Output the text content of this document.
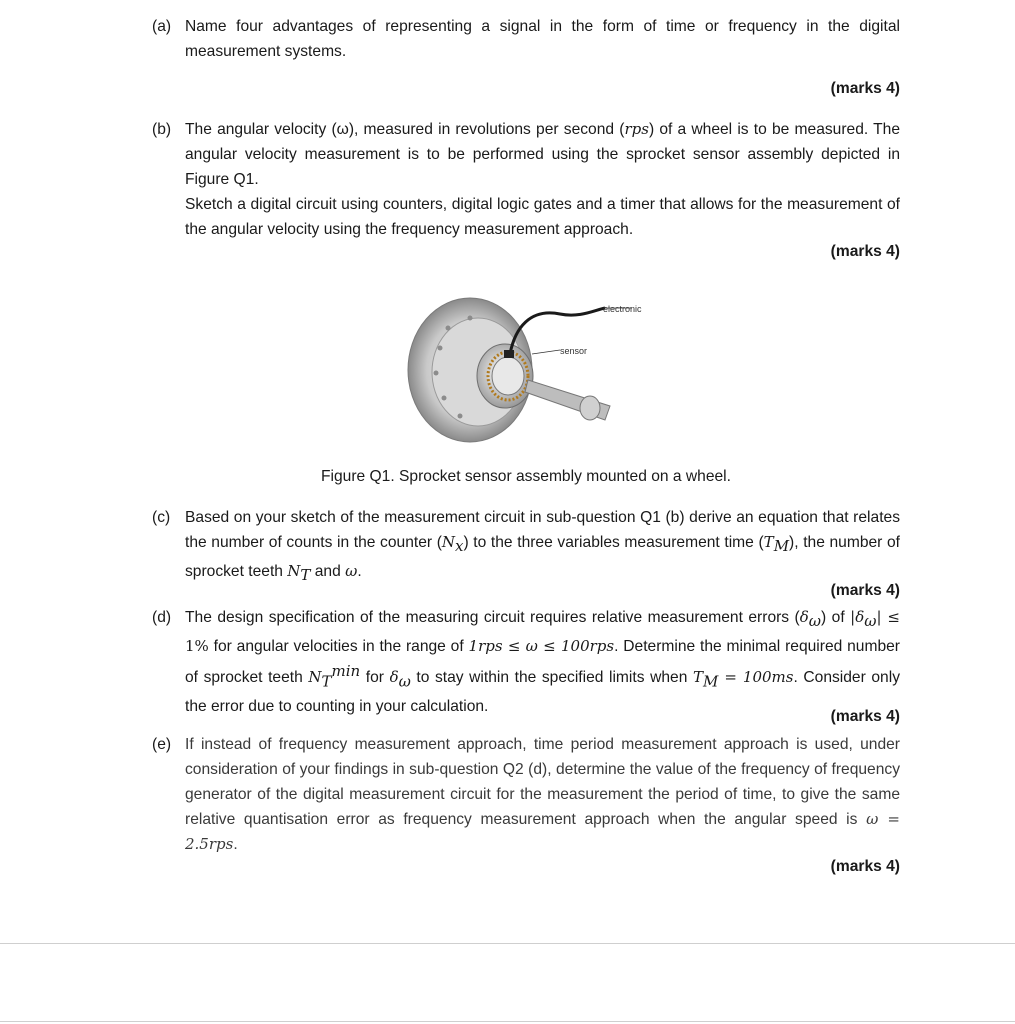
(a) Name four advantages of representing a signal in the form of time or frequency in the digital measurement systems.
(marks 4)
(b) The angular velocity (ω), measured in revolutions per second (rps) of a wheel is to be measured. The angular velocity measurement is to be performed using the sprocket sensor assembly depicted in Figure Q1.
Sketch a digital circuit using counters, digital logic gates and a timer that allows for the measurement of the angular velocity using the frequency measurement approach.
(marks 4)
electronic
sensor
Figure Q1. Sprocket sensor assembly mounted on a wheel.
(c) Based on your sketch of the measurement circuit in sub-question Q1 (b) derive an equation that relates the number of counts in the counter $(N_x)$ to the three variables measurement time $(T_M)$, the number of sprocket teeth $N_T$ and ω.
(marks 4)
(d) The design specification of the measuring circuit requires relative measurement errors $(\delta_\omega)$ of $|\delta_\omega| \le 1\%$ for angular velocities in the range of 1rps ≤ ω ≤ 100rps. Determine the minimal required number of sprocket teeth $N_T^{min}$ for $\delta_\omega$ to stay within the specified limits when $T_M = 100ms$. Consider only the error due to counting in your calculation.
(marks 4)
(e) If instead of frequency measurement approach, time period measurement approach is used, under consideration of your findings in sub-question Q2 (d), determine the value of the frequency of frequency generator of the digital measurement circuit for the measurement the period of time, to give the same relative quantisation error as frequency measurement approach when the angular speed is ω = 2.5rps.
(marks 4)
